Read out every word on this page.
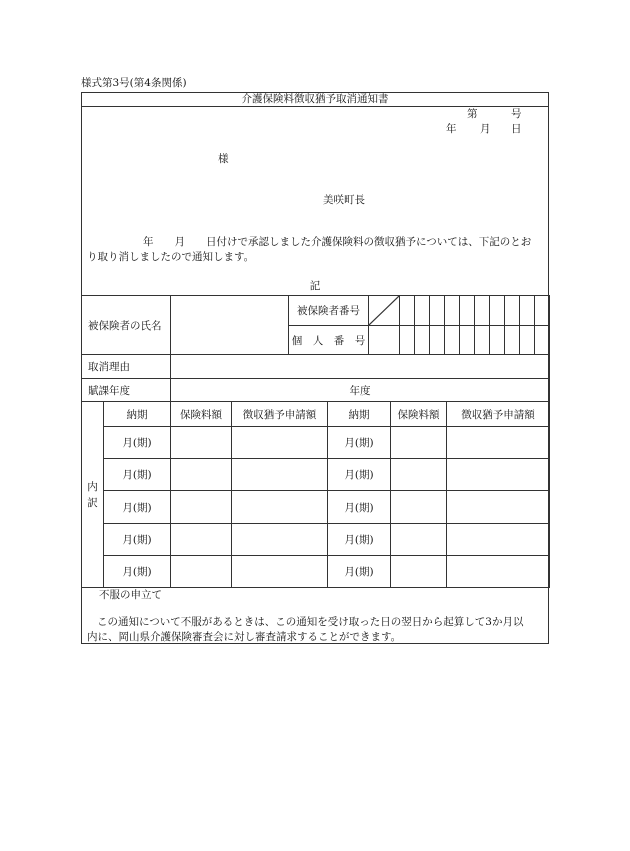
様式第3号(第4条関係)
介護保険料徴収猶予取消通知書
第	号
年 月 日
様
美咲町長
年　　月　　日付けで承認しました介護保険料の徴収猶予については、下記のとお
り取り消しましたので通知します。
記
被保険者の氏名		被保険者番号	

		個　人　番　号											
取消理由	
賦課年度	年度
内
訳	納期	保険料額	徴収猶予申請額	納期	保険料額	徴収猶予申請額
	月(期)			月(期)		
	月(期)			月(期)		
	月(期)			月(期)		
	月(期)			月(期)		
	月(期)			月(期)		
不服の申立て
この通知について不服があるときは、この通知を受け取った日の翌日から起算して3か月以
内に、岡山県介護保険審査会に対し審査請求することができます。
